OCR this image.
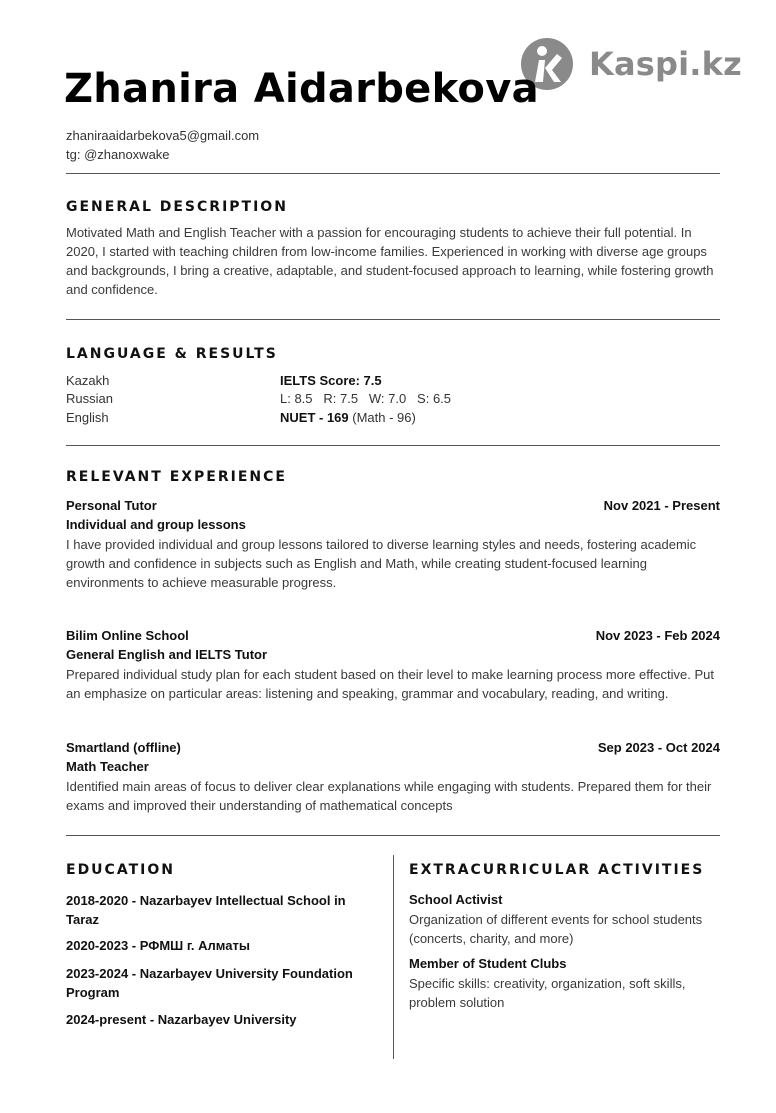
Kaspi.kz
Zhanira Aidarbekova
zhaniraaidarbekova5@gmail.com
tg: @zhanoxwake
GENERAL DESCRIPTION
Motivated Math and English Teacher with a passion for encouraging students to achieve their full potential. In 2020, I started with teaching children from low-income families. Experienced in working with diverse age groups and backgrounds, I bring a creative, adaptable, and student-focused approach to learning, while fostering growth and confidence.
LANGUAGE & RESULTS
Kazakh	IELTS Score: 7.5
Russian	L: 8.5   R: 7.5   W: 7.0   S: 6.5
English	NUET - 169 (Math - 96)
RELEVANT EXPERIENCE
Personal Tutor	Nov 2021 - Present
Individual and group lessons
I have provided individual and group lessons tailored to diverse learning styles and needs, fostering academic growth and confidence in subjects such as English and Math, while creating student-focused learning environments to achieve measurable progress.
Bilim Online School	Nov 2023 - Feb 2024
General English and IELTS Tutor
Prepared individual study plan for each student based on their level to make learning process more effective. Put an emphasize on particular areas: listening and speaking, grammar and vocabulary, reading, and writing.
Smartland (offline)	Sep 2023 - Oct 2024
Math Teacher
Identified main areas of focus to deliver clear explanations while engaging with students. Prepared them for their exams and improved their understanding of mathematical concepts
EDUCATION
2018-2020 - Nazarbayev Intellectual School in Taraz
2020-2023 - РФМШ г. Алматы
2023-2024 - Nazarbayev University Foundation Program
2024-present - Nazarbayev University
EXTRACURRICULAR ACTIVITIES
School Activist
Organization of different events for school students (concerts, charity, and more)
Member of Student Clubs
Specific skills: creativity, organization, soft skills, problem solution
